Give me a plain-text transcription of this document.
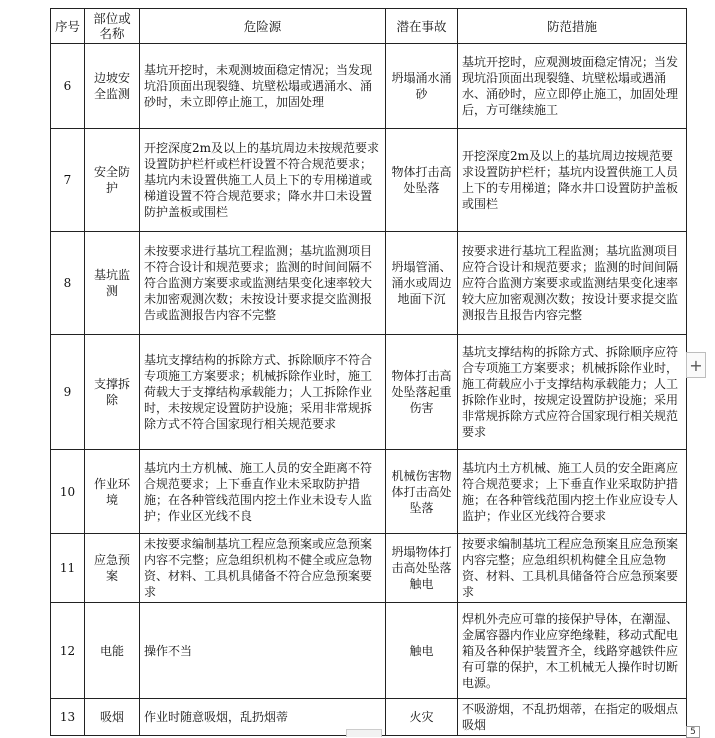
序号	部位或名称	危险源	潜在事故	防范措施
6	边坡安全监测	基坑开挖时，未观测坡面稳定情况；当发现坑沿顶面出现裂缝、坑壁松塌或遇涌水、涌砂时，未立即停止施工，加固处理	坍塌涌水涌砂	基坑开挖时，应观测坡面稳定情况；当发现坑沿顶面出现裂缝、坑壁松塌或遇涌水、涌砂时，应立即停止施工，加固处理后，方可继续施工
7	安全防护	开挖深度2m及以上的基坑周边未按规范要求设置防护栏杆或栏杆设置不符合规范要求；基坑内未设置供施工人员上下的专用梯道或梯道设置不符合规范要求；降水井口未设置防护盖板或围栏	物体打击高处坠落	开挖深度2m及以上的基坑周边按规范要求设置防护栏杆；基坑内设置供施工人员上下的专用梯道；降水井口设置防护盖板或围栏
8	基坑监测	未按要求进行基坑工程监测；基坑监测项目不符合设计和规范要求；监测的时间间隔不符合监测方案要求或监测结果变化速率较大未加密观测次数；未按设计要求提交监测报告或监测报告内容不完整	坍塌管涌、涌水或周边地面下沉	按要求进行基坑工程监测；基坑监测项目应符合设计和规范要求；监测的时间间隔应符合监测方案要求或监测结果变化速率较大应加密观测次数；按设计要求提交监测报告且报告内容完整
9	支撑拆除	基坑支撑结构的拆除方式、拆除顺序不符合专项施工方案要求；机械拆除作业时，施工荷载大于支撑结构承载能力；人工拆除作业时，未按规定设置防护设施；采用非常规拆除方式不符合国家现行相关规范要求	物体打击高处坠落起重伤害	基坑支撑结构的拆除方式、拆除顺序应符合专项施工方案要求；机械拆除作业时，施工荷载应小于支撑结构承载能力；人工拆除作业时，按规定设置防护设施；采用非常规拆除方式应符合国家现行相关规范要求
10	作业环境	基坑内土方机械、施工人员的安全距离不符合规范要求；上下垂直作业未采取防护措施；在各种管线范围内挖土作业未设专人监护；作业区光线不良	机械伤害物体打击高处坠落	基坑内土方机械、施工人员的安全距离应符合规范要求；上下垂直作业采取防护措施；在各种管线范围内挖土作业应设专人监护；作业区光线符合要求
11	应急预案	未按要求编制基坑工程应急预案或应急预案内容不完整；应急组织机构不健全或应急物资、材料、工具机具储备不符合应急预案要求	坍塌物体打击高处坠落触电	按要求编制基坑工程应急预案且应急预案内容完整；应急组织机构健全且应急物资、材料、工具机具储备符合应急预案要求
12	电能	操作不当	触电	焊机外壳应可靠的接保护导体，在潮湿、金属容器内作业应穿绝缘鞋，移动式配电箱及各种保护装置齐全，线路穿越铁件应有可靠的保护，木工机械无人操作时切断电源。
13	吸烟	作业时随意吸烟，乱扔烟蒂	火灾	不吸游烟，不乱扔烟蒂，在指定的吸烟点吸烟
+
5
